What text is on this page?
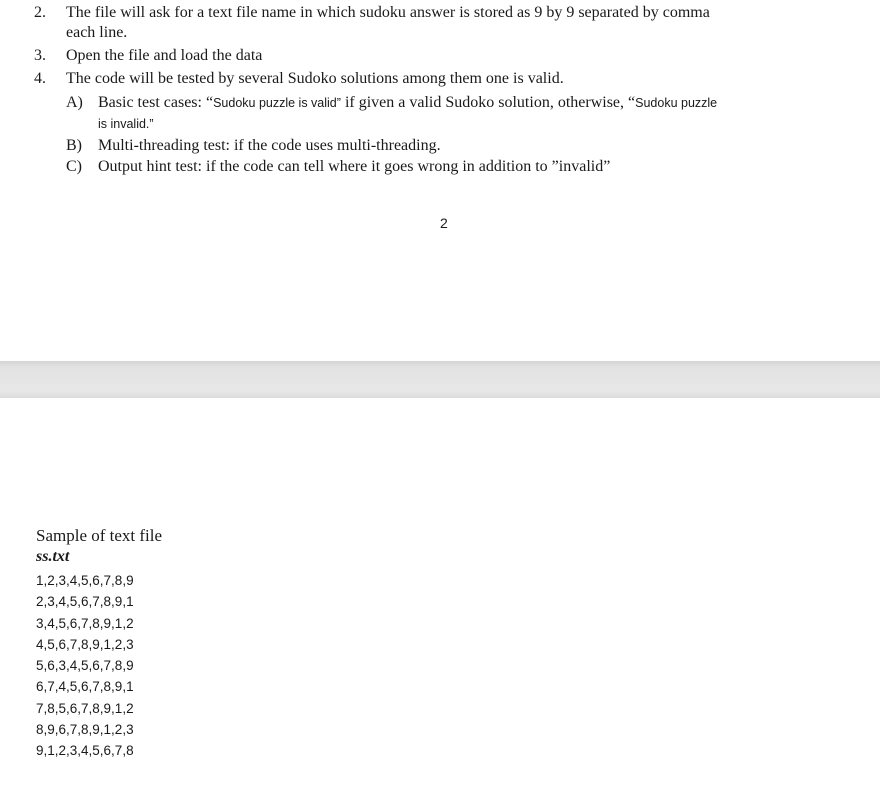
2.	The file will ask for a text file name in which sudoku answer is stored as 9 by 9 separated by comma
each line.
3.	Open the file and load the data
4.	The code will be tested by several Sudoko solutions among them one is valid.
A) Basic test cases: “Sudoku puzzle is valid” if given a valid Sudoko solution, otherwise, “Sudoku puzzle
is invalid.”
B) Multi-threading test: if the code uses multi-threading.
C) Output hint test: if the code can tell where it goes wrong in addition to ”invalid”
2
Sample of text file
ss.txt
1,2,3,4,5,6,7,8,9
2,3,4,5,6,7,8,9,1
3,4,5,6,7,8,9,1,2
4,5,6,7,8,9,1,2,3
5,6,3,4,5,6,7,8,9
6,7,4,5,6,7,8,9,1
7,8,5,6,7,8,9,1,2
8,9,6,7,8,9,1,2,3
9,1,2,3,4,5,6,7,8
